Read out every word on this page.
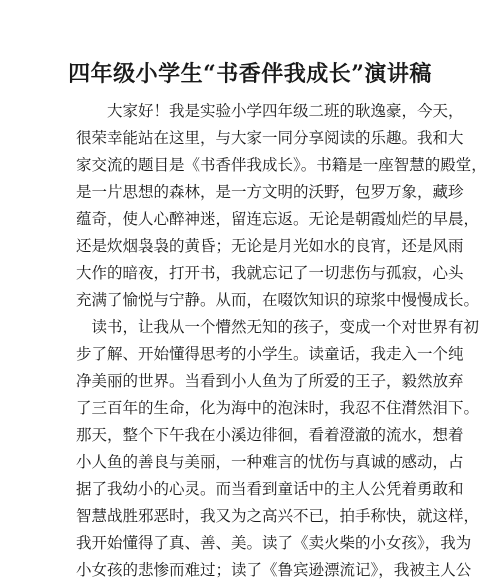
四年级小学生“书香伴我成长”演讲稿
　　大家好！我是实验小学四年级二班的耿逸豪，今天，
很荣幸能站在这里，与大家一同分享阅读的乐趣。我和大
家交流的题目是《书香伴我成长》。书籍是一座智慧的殿堂，
是一片思想的森林，是一方文明的沃野，包罗万象，藏珍
蕴奇，使人心醉神迷，留连忘返。无论是朝霞灿烂的早晨，
还是炊烟袅袅的黄昏；无论是月光如水的良宵，还是风雨
大作的暗夜，打开书，我就忘记了一切悲伤与孤寂，心头
充满了愉悦与宁静。从而，在啜饮知识的琼浆中慢慢成长。
　读书，让我从一个懵然无知的孩子，变成一个对世界有初
步了解、开始懂得思考的小学生。读童话，我走入一个纯
净美丽的世界。当看到小人鱼为了所爱的王子，毅然放弃
了三百年的生命，化为海中的泡沫时，我忍不住潸然泪下。
那天，整个下午我在小溪边徘徊，看着澄澈的流水，想着
小人鱼的善良与美丽，一种难言的忧伤与真诚的感动，占
据了我幼小的心灵。而当看到童话中的主人公凭着勇敢和
智慧战胜邪恶时，我又为之高兴不已，拍手称快，就这样，
我开始懂得了真、善、美。读了《卖火柴的小女孩》，我为
小女孩的悲惨而难过；读了《鲁宾逊漂流记》，我被主人公
